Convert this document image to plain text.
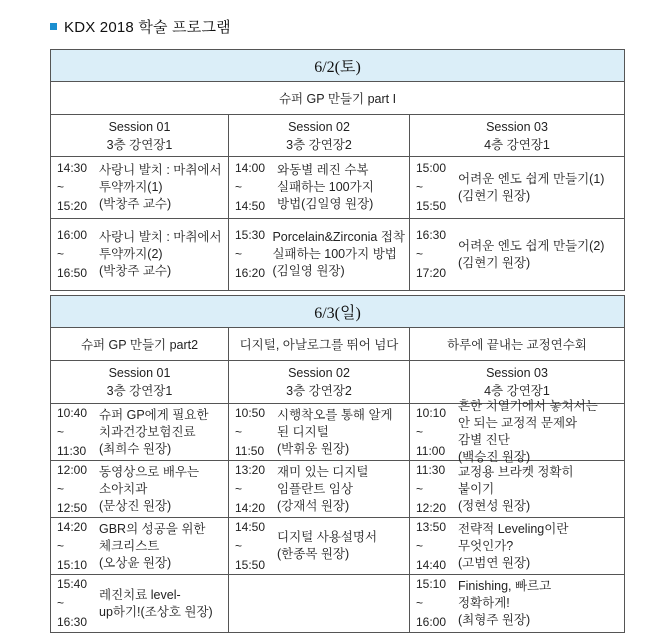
KDX 2018 학술 프로그램
6/2(토)
슈퍼 GP 만들기 part I
Session 01
3층 강연장1
Session 02
3층 강연장2
Session 03
4층 강연장1
14:30
~
15:20
사랑니 발치 : 마취에서
투약까지(1)
(박창주 교수)
14:00
~
14:50
와동별 레진 수복
실패하는 100가지
방법(김일영 원장)
15:00
~
15:50
어려운 엔도 쉽게 만들기(1)
(김현기 원장)
16:00
~
16:50
사랑니 발치 : 마취에서
투약까지(2)
(박창주 교수)
15:30
~
16:20
Porcelain&Zirconia 접착
실패하는 100가지 방법
(김일영 원장)
16:30
~
17:20
어려운 엔도 쉽게 만들기(2)
(김현기 원장)
6/3(일)
슈퍼 GP 만들기 part2	디지털, 아날로그를 뛰어 넘다	하루에 끝내는 교정연수회
Session 01
3층 강연장1
Session 02
3층 강연장2
Session 03
4층 강연장1
10:40
~
11:30
슈퍼 GP에게 필요한
치과건강보험진료
(최희수 원장)
10:50
~
11:50
시행착오를 통해 알게
된 디지털
(박휘웅 원장)
10:10
~
11:00
흔한 치열기에서 놓쳐서는
안 되는 교정적 문제와
감별 진단
(백승진 원장)
12:00
~
12:50
동영상으로 배우는
소아치과
(문상진 원장)
13:20
~
14:20
재미 있는 디지털
임플란트 임상
(강재석 원장)
11:30
~
12:20
교정용 브라켓 정확히
붙이기
(정현성 원장)
14:20
~
15:10
GBR의 성공을 위한
체크리스트
(오상윤 원장)
14:50
~
15:50
디지털 사용설명서
(한종목 원장)
13:50
~
14:40
전략적 Leveling이란
무엇인가?
(고범연 원장)
15:40
~
16:30
레진치료 level-
up하기!(조상호 원장)
15:10
~
16:00
Finishing, 빠르고
정확하게!
(최형주 원장)
